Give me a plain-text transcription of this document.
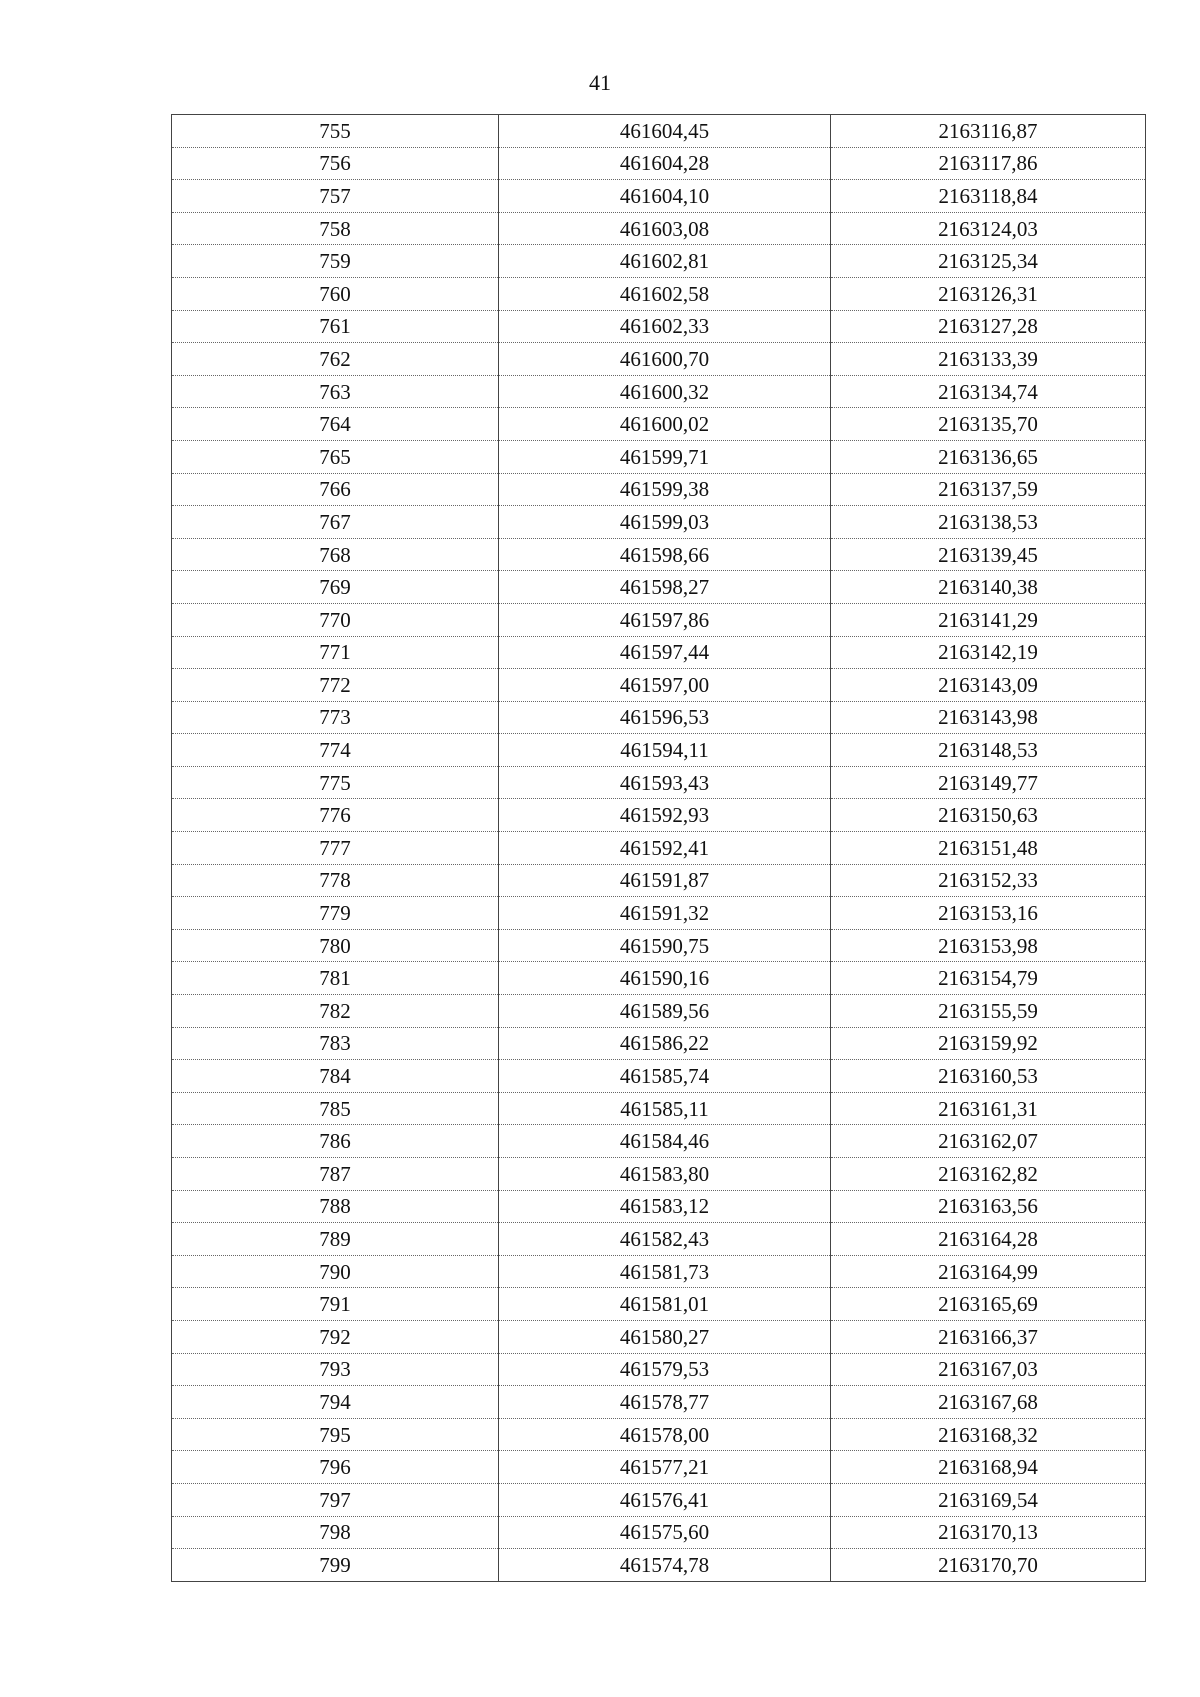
41
755	461604,45	2163116,87
756	461604,28	2163117,86
757	461604,10	2163118,84
758	461603,08	2163124,03
759	461602,81	2163125,34
760	461602,58	2163126,31
761	461602,33	2163127,28
762	461600,70	2163133,39
763	461600,32	2163134,74
764	461600,02	2163135,70
765	461599,71	2163136,65
766	461599,38	2163137,59
767	461599,03	2163138,53
768	461598,66	2163139,45
769	461598,27	2163140,38
770	461597,86	2163141,29
771	461597,44	2163142,19
772	461597,00	2163143,09
773	461596,53	2163143,98
774	461594,11	2163148,53
775	461593,43	2163149,77
776	461592,93	2163150,63
777	461592,41	2163151,48
778	461591,87	2163152,33
779	461591,32	2163153,16
780	461590,75	2163153,98
781	461590,16	2163154,79
782	461589,56	2163155,59
783	461586,22	2163159,92
784	461585,74	2163160,53
785	461585,11	2163161,31
786	461584,46	2163162,07
787	461583,80	2163162,82
788	461583,12	2163163,56
789	461582,43	2163164,28
790	461581,73	2163164,99
791	461581,01	2163165,69
792	461580,27	2163166,37
793	461579,53	2163167,03
794	461578,77	2163167,68
795	461578,00	2163168,32
796	461577,21	2163168,94
797	461576,41	2163169,54
798	461575,60	2163170,13
799	461574,78	2163170,70
